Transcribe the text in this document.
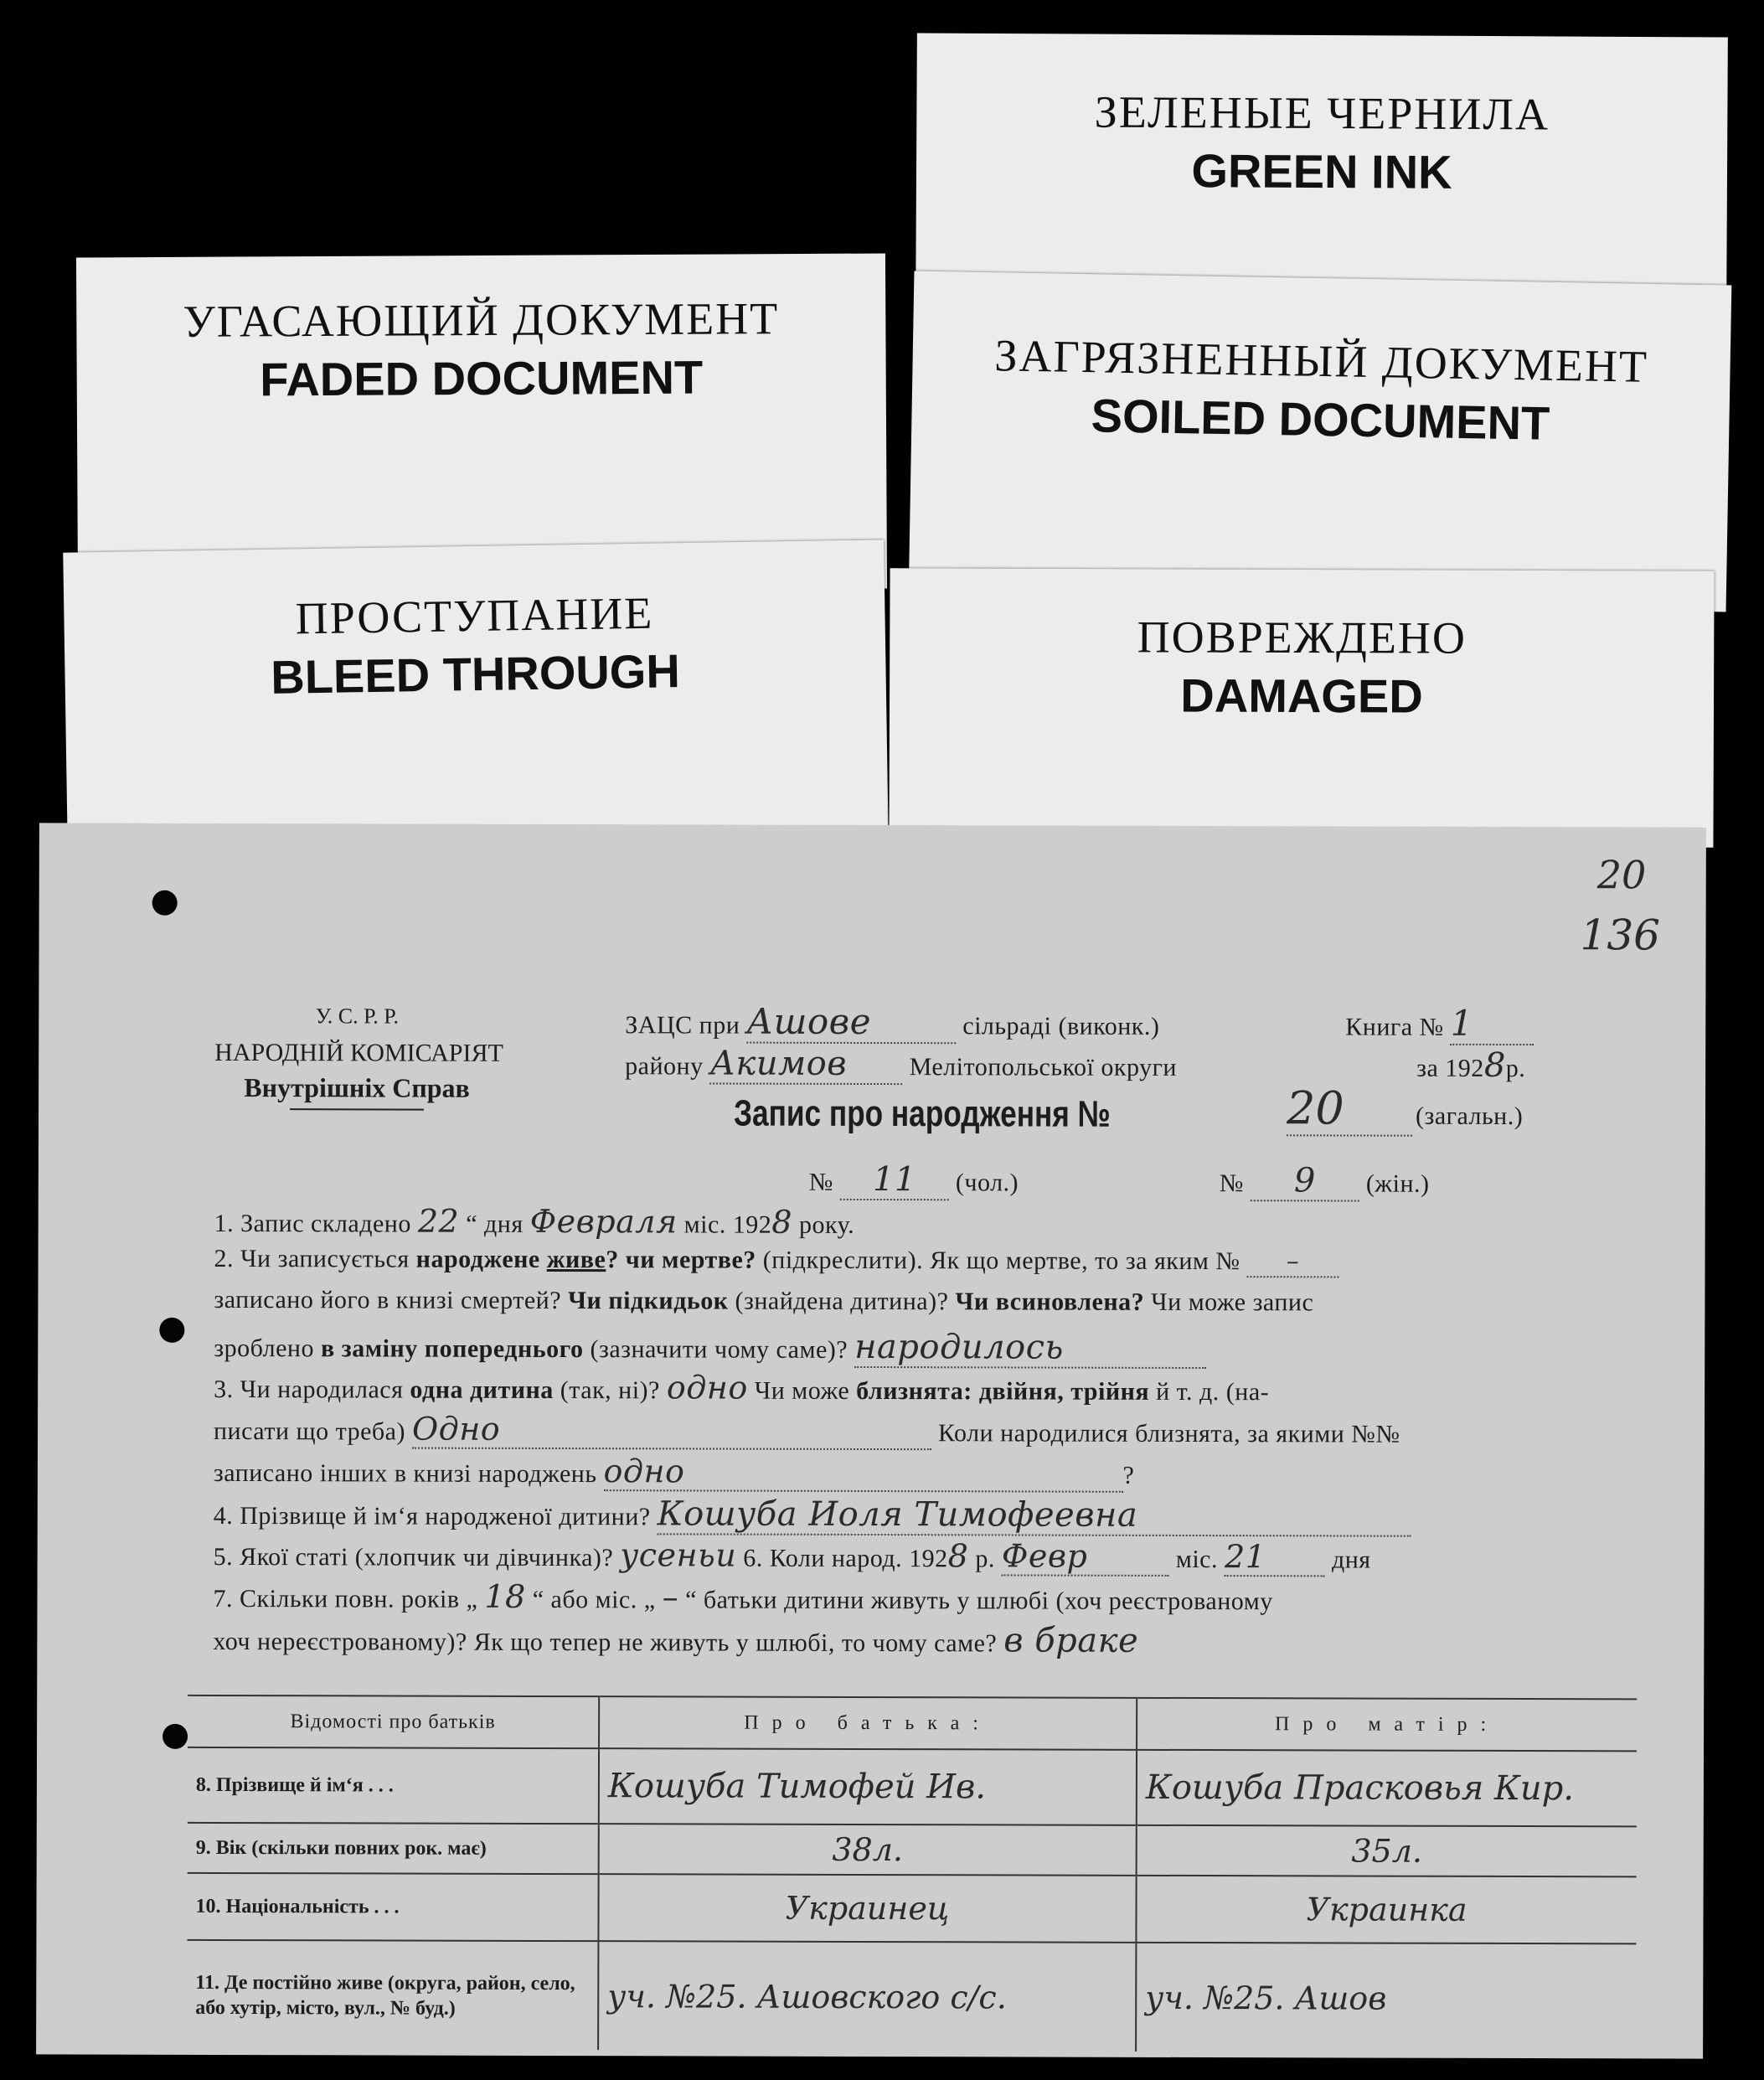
ЗЕЛЕНЫЕ ЧЕРНИЛА
GREEN INK
УГАСАЮЩИЙ ДОКУМЕНТ
FADED DOCUMENT	ЗАГРЯЗНЕННЫЙ ДОКУМЕНТ
SOILED DOCUMENT
ПРОСТУПАНИЕ
BLEED THROUGH
ПОВРЕЖДЕНО
DAMAGED
20
136
У. С. Р. Р.
НАРОДНІЙ КОМІСАРІЯТ
Внутрішніх Справ
ЗАЦС при Ашове	сільраді (виконк.)	Книга № 1
району Акимов Мелітопольської округи	за 1928р.
Запис про народження №	20	(загальн.)
№ 11 (чол.)	№ 9 (жін.)
1. Запис складено 22 “ дня Февраля міс. 1928 року.
2. Чи записується народжене живе? чи мертве? (підкреслити). Як що мертве, то за яким № –
записано його в книзі смертей? Чи підкидьок (знайдена дитина)? Чи всиновлена? Чи може запис
зроблено в заміну попереднього (зазначити чому саме)? народилось
3. Чи народилася одна дитина (так, ні)? одно Чи може близнята: двійня, трійня й т. д. (на-
писати що треба) Одно	Коли народилися близнята, за якими №№
записано інших в книзі народжень одно	?
4. Прізвище й ім‘я народженої дитини? Кошуба Иоля Тимофеевна
5. Якої статі (хлопчик чи дівчинка)? усеньи 6. Коли народ. 1928 р. Февр	міс. 21	дня
7. Скільки повн. років „ 18 “ або міс. „ – “ батьки дитини живуть у шлюбі (хоч реєстрованому
хоч нереєстрованому)? Як що тепер не живуть у шлюбі, то чому саме? в браке
Відомості про батьків	Про батька:	Про матір:
8. Прізвище й ім‘я . . .	Кошуба Тимофей Ив.	Кошуба Прасковья Кир.
9. Вік (скільки повних рок. має)	38л.	35л.
10. Національність . . .	Украинец	Украинка
11. Де постійно живе (округа, район, село, або хутір, місто, вул., № буд.)	уч. №25. Ашовского с/с.	уч. №25. Ашов
